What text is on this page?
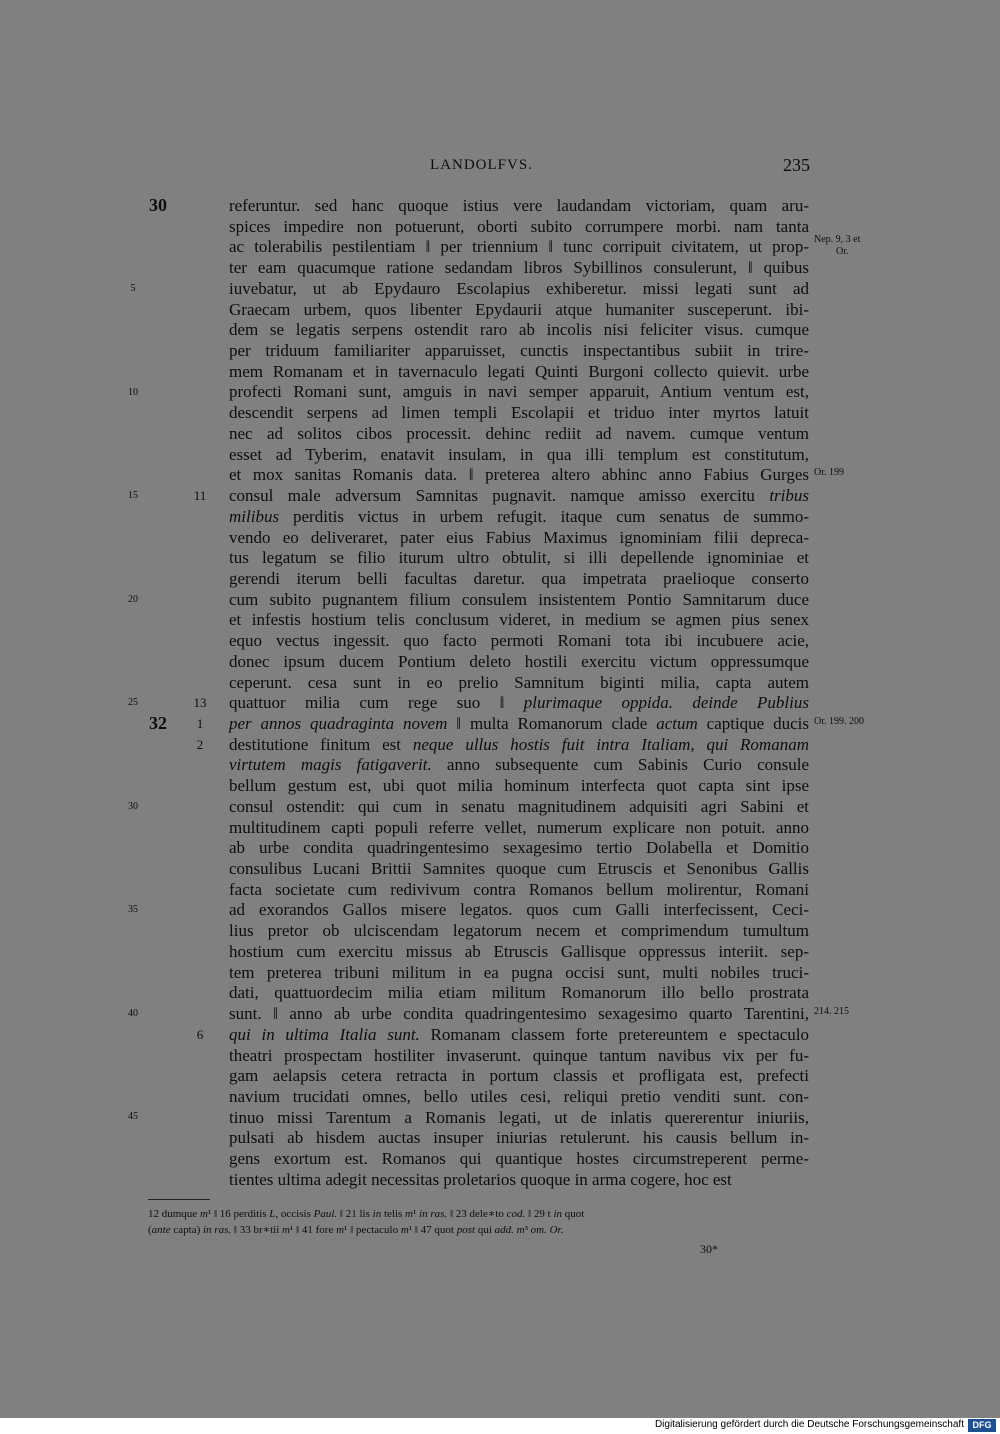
LANDOLFVS.	235
referuntur. sed hanc quoque istius vere laudandam victoriam, quam aru-
spices impedire non potuerunt, oborti subito corrumpere morbi. nam tanta
ac tolerabilis pestilentiam ‖ per triennium ‖ tunc corripuit civitatem, ut prop-
ter eam quacumque ratione sedandam libros Sybillinos consulerunt, ‖ quibus
iuvebatur, ut ab Epydauro Escolapius exhiberetur. missi legati sunt ad
Graecam urbem, quos libenter Epydaurii atque humaniter susceperunt. ibi-
dem se legatis serpens ostendit raro ab incolis nisi feliciter visus. cumque
per triduum familiariter apparuisset, cunctis inspectantibus subiit in trire-
mem Romanam et in tavernaculo legati Quinti Burgoni collecto quievit. urbe
profecti Romani sunt, amguis in navi semper apparuit, Antium ventum est,
descendit serpens ad limen templi Escolapii et triduo inter myrtos latuit
nec ad solitos cibos processit. dehinc rediit ad navem. cumque ventum
esset ad Tyberim, enatavit insulam, in qua illi templum est constitutum,
et mox sanitas Romanis data. ‖ preterea altero abhinc anno Fabius Gurges
consul male adversum Samnitas pugnavit. namque amisso exercitu tribus
milibus perditis victus in urbem refugit. itaque cum senatus de summo-
vendo eo deliveraret, pater eius Fabius Maximus ignominiam filii depreca-
tus legatum se filio iturum ultro obtulit, si illi depellende ignominiae et
gerendi iterum belli facultas daretur. qua impetrata praelioque conserto
cum subito pugnantem filium consulem insistentem Pontio Samnitarum duce
et infestis hostium telis conclusum videret, in medium se agmen pius senex
equo vectus ingessit. quo facto permoti Romani tota ibi incubuere acie,
donec ipsum ducem Pontium deleto hostili exercitu victum oppressumque
ceperunt. cesa sunt in eo prelio Samnitum biginti milia, capta autem
quattuor milia cum rege suo ‖ plurimaque oppida. deinde Publius
per annos quadraginta novem ‖ multa Romanorum clade actum captique ducis
destitutione finitum est neque ullus hostis fuit intra Italiam, qui Romanam
virtutem magis fatigaverit. anno subsequente cum Sabinis Curio consule
bellum gestum est, ubi quot milia hominum interfecta quot capta sint ipse
consul ostendit: qui cum in senatu magnitudinem adquisiti agri Sabini et
multitudinem capti populi referre vellet, numerum explicare non potuit. anno
ab urbe condita quadringentesimo sexagesimo tertio Dolabella et Domitio
consulibus Lucani Brittii Samnites quoque cum Etruscis et Senonibus Gallis
facta societate cum redivivum contra Romanos bellum molirentur, Romani
ad exorandos Gallos misere legatos. quos cum Galli interfecissent, Ceci-
lius pretor ob ulciscendam legatorum necem et comprimendum tumultum
hostium cum exercitu missus ab Etruscis Gallisque oppressus interiit. sep-
tem preterea tribuni militum in ea pugna occisi sunt, multi nobiles truci-
dati, quattuordecim milia etiam militum Romanorum illo bello prostrata
sunt. ‖ anno ab urbe condita quadringentesimo sexagesimo quarto Tarentini,
qui in ultima Italia sunt. Romanam classem forte pretereuntem e spectaculo
theatri prospectam hostiliter invaserunt. quinque tantum navibus vix per fu-
gam aelapsis cetera retracta in portum classis et profligata est, prefecti
navium trucidati omnes, bello utiles cesi, reliqui pretio venditi sunt. con-
tinuo missi Tarentum a Romanis legati, ut de inlatis quererentur iniuriis,
pulsati ab hisdem auctas insuper iniurias retulerunt. his causis bellum in-
gens exortum est. Romanos qui quantique hostes circumstreperent perme-
tientes ultima adegit necessitas proletarios quoque in arma cogere, hoc est
30
32
11
13
1
2
6
5
10
15
20
25
30
35
40
45
Nep. 9, 3 et
Or.
Or. 199
Or. 199. 200
214. 215
12 dumque m¹ ‖ 16 perditis L, occisis Paul. ‖ 21 lis in telis m¹ in ras. ‖ 23 dele∗to cod. ‖ 29 t in quot
(ante capta) in ras. ‖ 33 br∗tii m¹ ‖ 41 fore m¹ ‖ pectaculo m¹ ‖ 47 quot post qui add. m³ om. Or.
30*
Digitalisierung gefördert durch die Deutsche Forschungsgemeinschaft DFG
